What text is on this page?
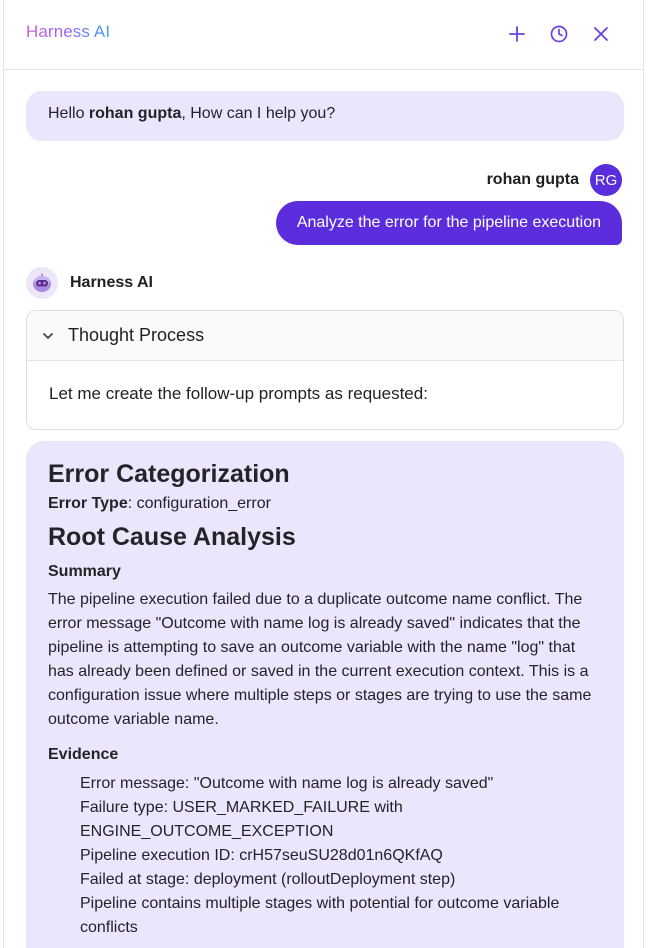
Harness AI
Hello rohan gupta, How can I help you?
rohan gupta	RG
Analyze the error for the pipeline execution
Harness AI
Thought Process
Let me create the follow-up prompts as requested:
Error Categorization
Error Type: configuration_error
Root Cause Analysis
Summary
The pipeline execution failed due to a duplicate outcome name conflict. The error message "Outcome with name log is already saved" indicates that the pipeline is attempting to save an outcome variable with the name "log" that has already been defined or saved in the current execution context. This is a configuration issue where multiple steps or stages are trying to use the same outcome variable name.
Evidence
Error message: "Outcome with name log is already saved"
Failure type: USER_MARKED_FAILURE with ENGINE_OUTCOME_EXCEPTION
Pipeline execution ID: crH57seuSU28d01n6QKfAQ
Failed at stage: deployment (rolloutDeployment step)
Pipeline contains multiple stages with potential for outcome variable conflicts
